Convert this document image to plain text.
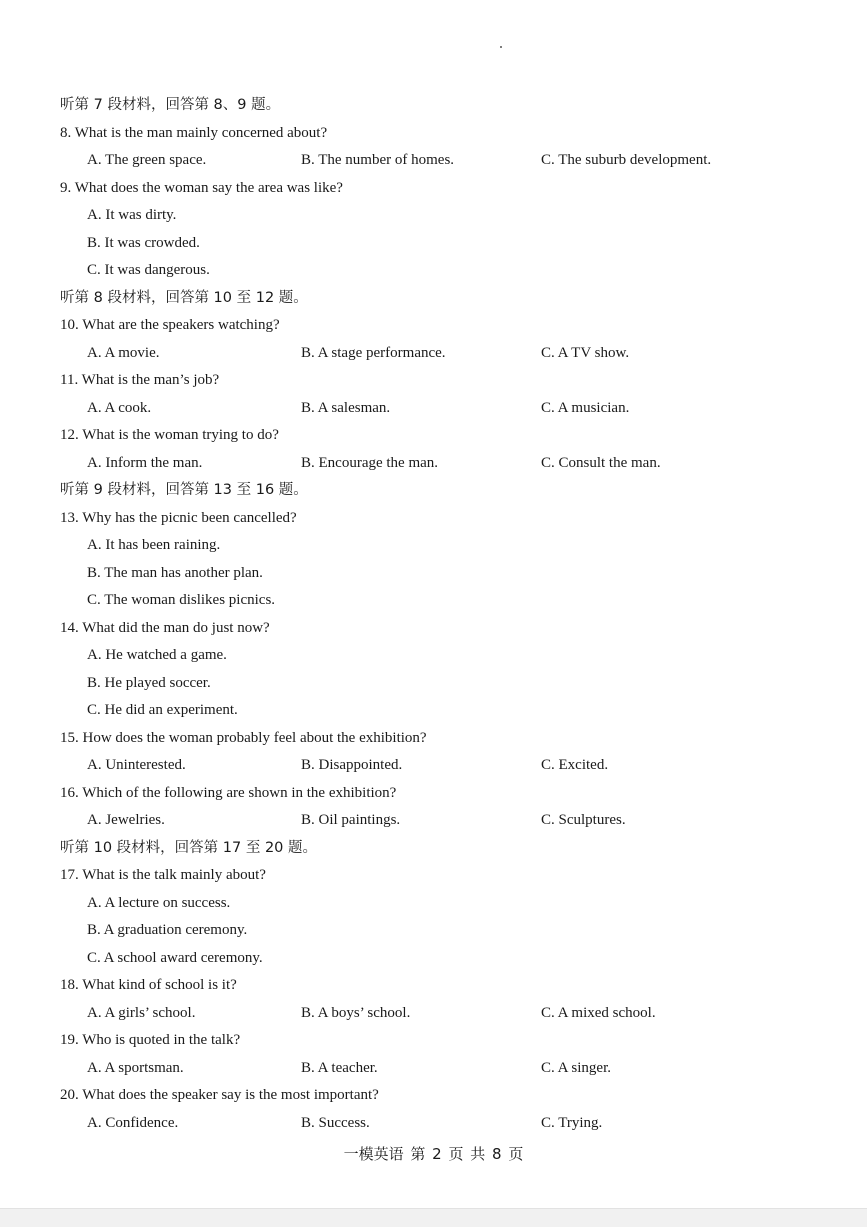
听第 7 段材料，回答第 8、9 题。
8. What is the man mainly concerned about?
A. The green space.	B. The number of homes.	C. The suburb development.
9. What does the woman say the area was like?
A. It was dirty.
B. It was crowded.
C. It was dangerous.
听第 8 段材料，回答第 10 至 12 题。
10. What are the speakers watching?
A. A movie.	B. A stage performance.	C. A TV show.
11. What is the man’s job?
A. A cook.	B. A salesman.	C. A musician.
12. What is the woman trying to do?
A. Inform the man.	B. Encourage the man.	C. Consult the man.
听第 9 段材料，回答第 13 至 16 题。
13. Why has the picnic been cancelled?
A. It has been raining.
B. The man has another plan.
C. The woman dislikes picnics.
14. What did the man do just now?
A. He watched a game.
B. He played soccer.
C. He did an experiment.
15. How does the woman probably feel about the exhibition?
A. Uninterested.	B. Disappointed.	C. Excited.
16. Which of the following are shown in the exhibition?
A. Jewelries.	B. Oil paintings.	C. Sculptures.
听第 10 段材料，回答第 17 至 20 题。
17. What is the talk mainly about?
A. A lecture on success.
B. A graduation ceremony.
C. A school award ceremony.
18. What kind of school is it?
A. A girls’ school.	B. A boys’ school.	C. A mixed school.
19. Who is quoted in the talk?
A. A sportsman.	B. A teacher.	C. A singer.
20. What does the speaker say is the most important?
A. Confidence.	B. Success.	C. Trying.
一模英语 第 2 页 共 8 页
